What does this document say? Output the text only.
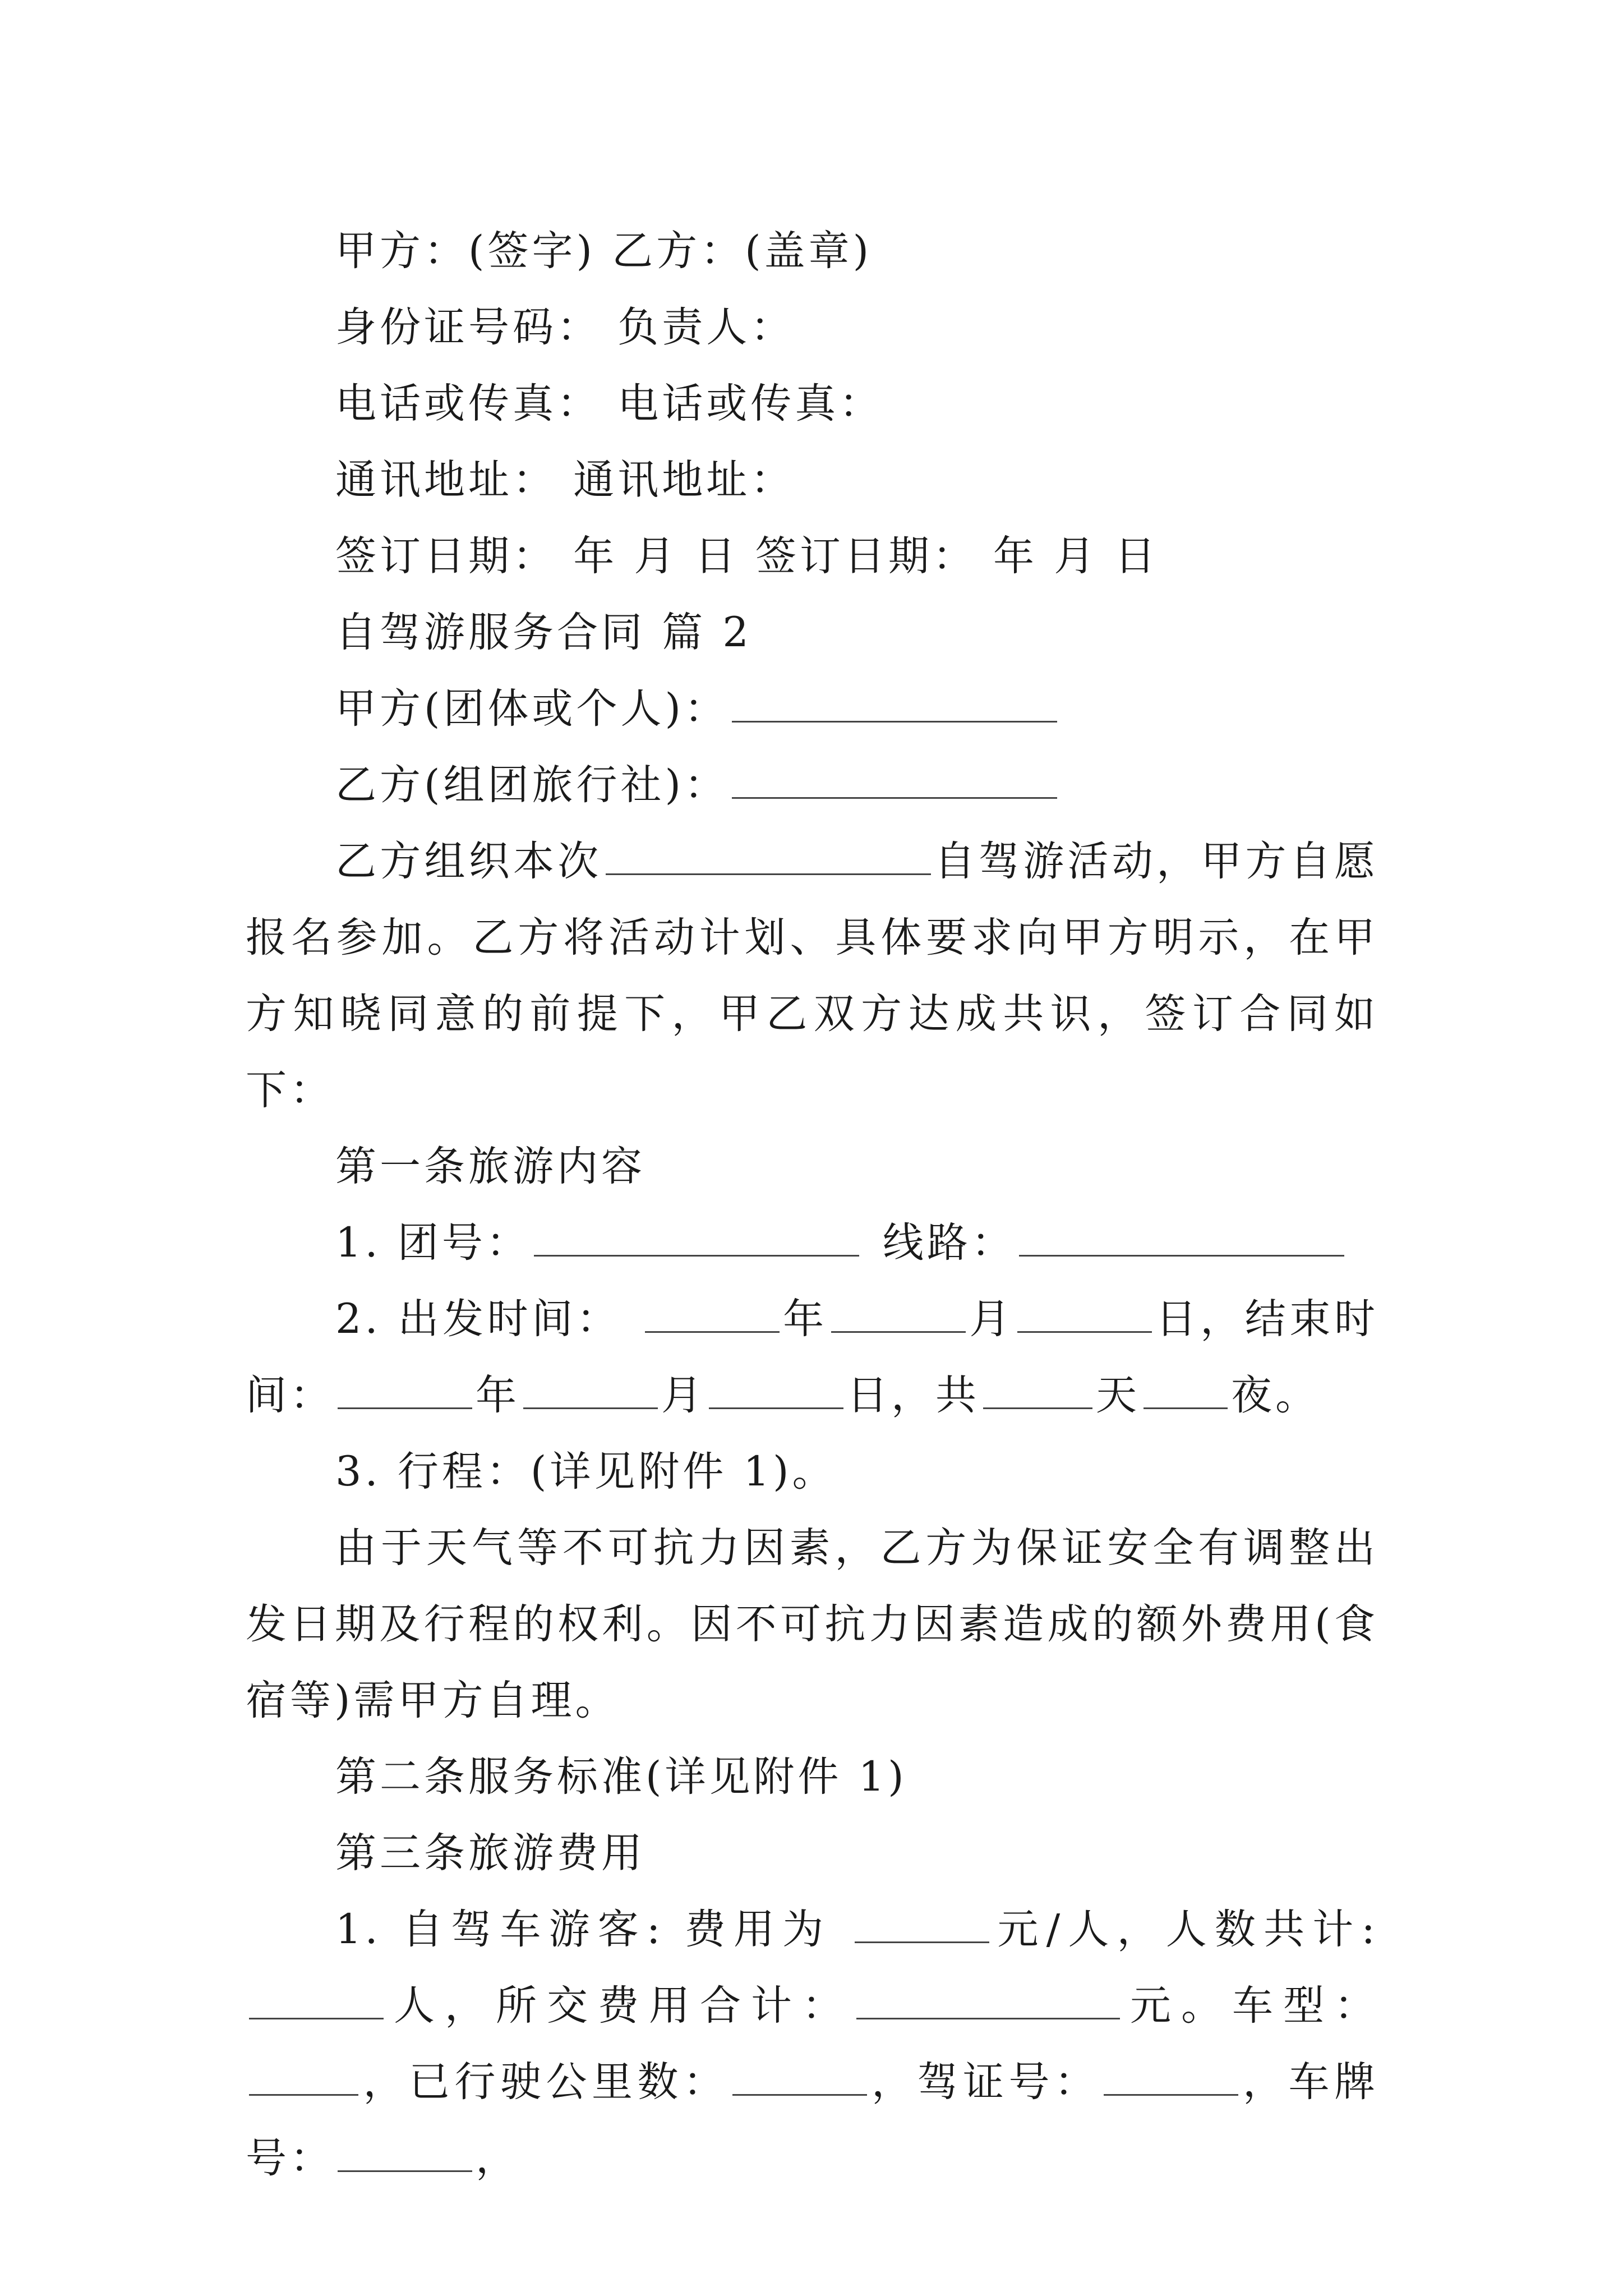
甲方：(签字) 乙方：(盖章)
身份证号码： 负责人：
电话或传真： 电话或传真：
通讯地址： 通讯地址：
签订日期： 年 月 日 签订日期： 年 月 日
自驾游服务合同 篇 2
甲方(团体或个人)：
乙方(组团旅行社)：
乙方组织本次	自驾游活动，甲方自愿报名参加。乙方将活动计划、具体要求向甲方明示，在甲方知晓同意的前提下，甲乙双方达成共识，签订合同如下：
第一条旅游内容
1. 团号：	线路：
2. 出发时间：	年	月	日，结束时间：	年	月	日，共	天 夜。
3. 行程：(详见附件 1)。
由于天气等不可抗力因素，乙方为保证安全有调整出发日期及行程的权利。因不可抗力因素造成的额外费用(食宿等)需甲方自理。
第二条服务标准(详见附件 1)
第三条旅游费用
1. 自驾车游客: 费用为	元/人，人数共计:人，所交费用合计：	元。车型：，已行驶公里数：	，驾证号：	，车牌号：	，
